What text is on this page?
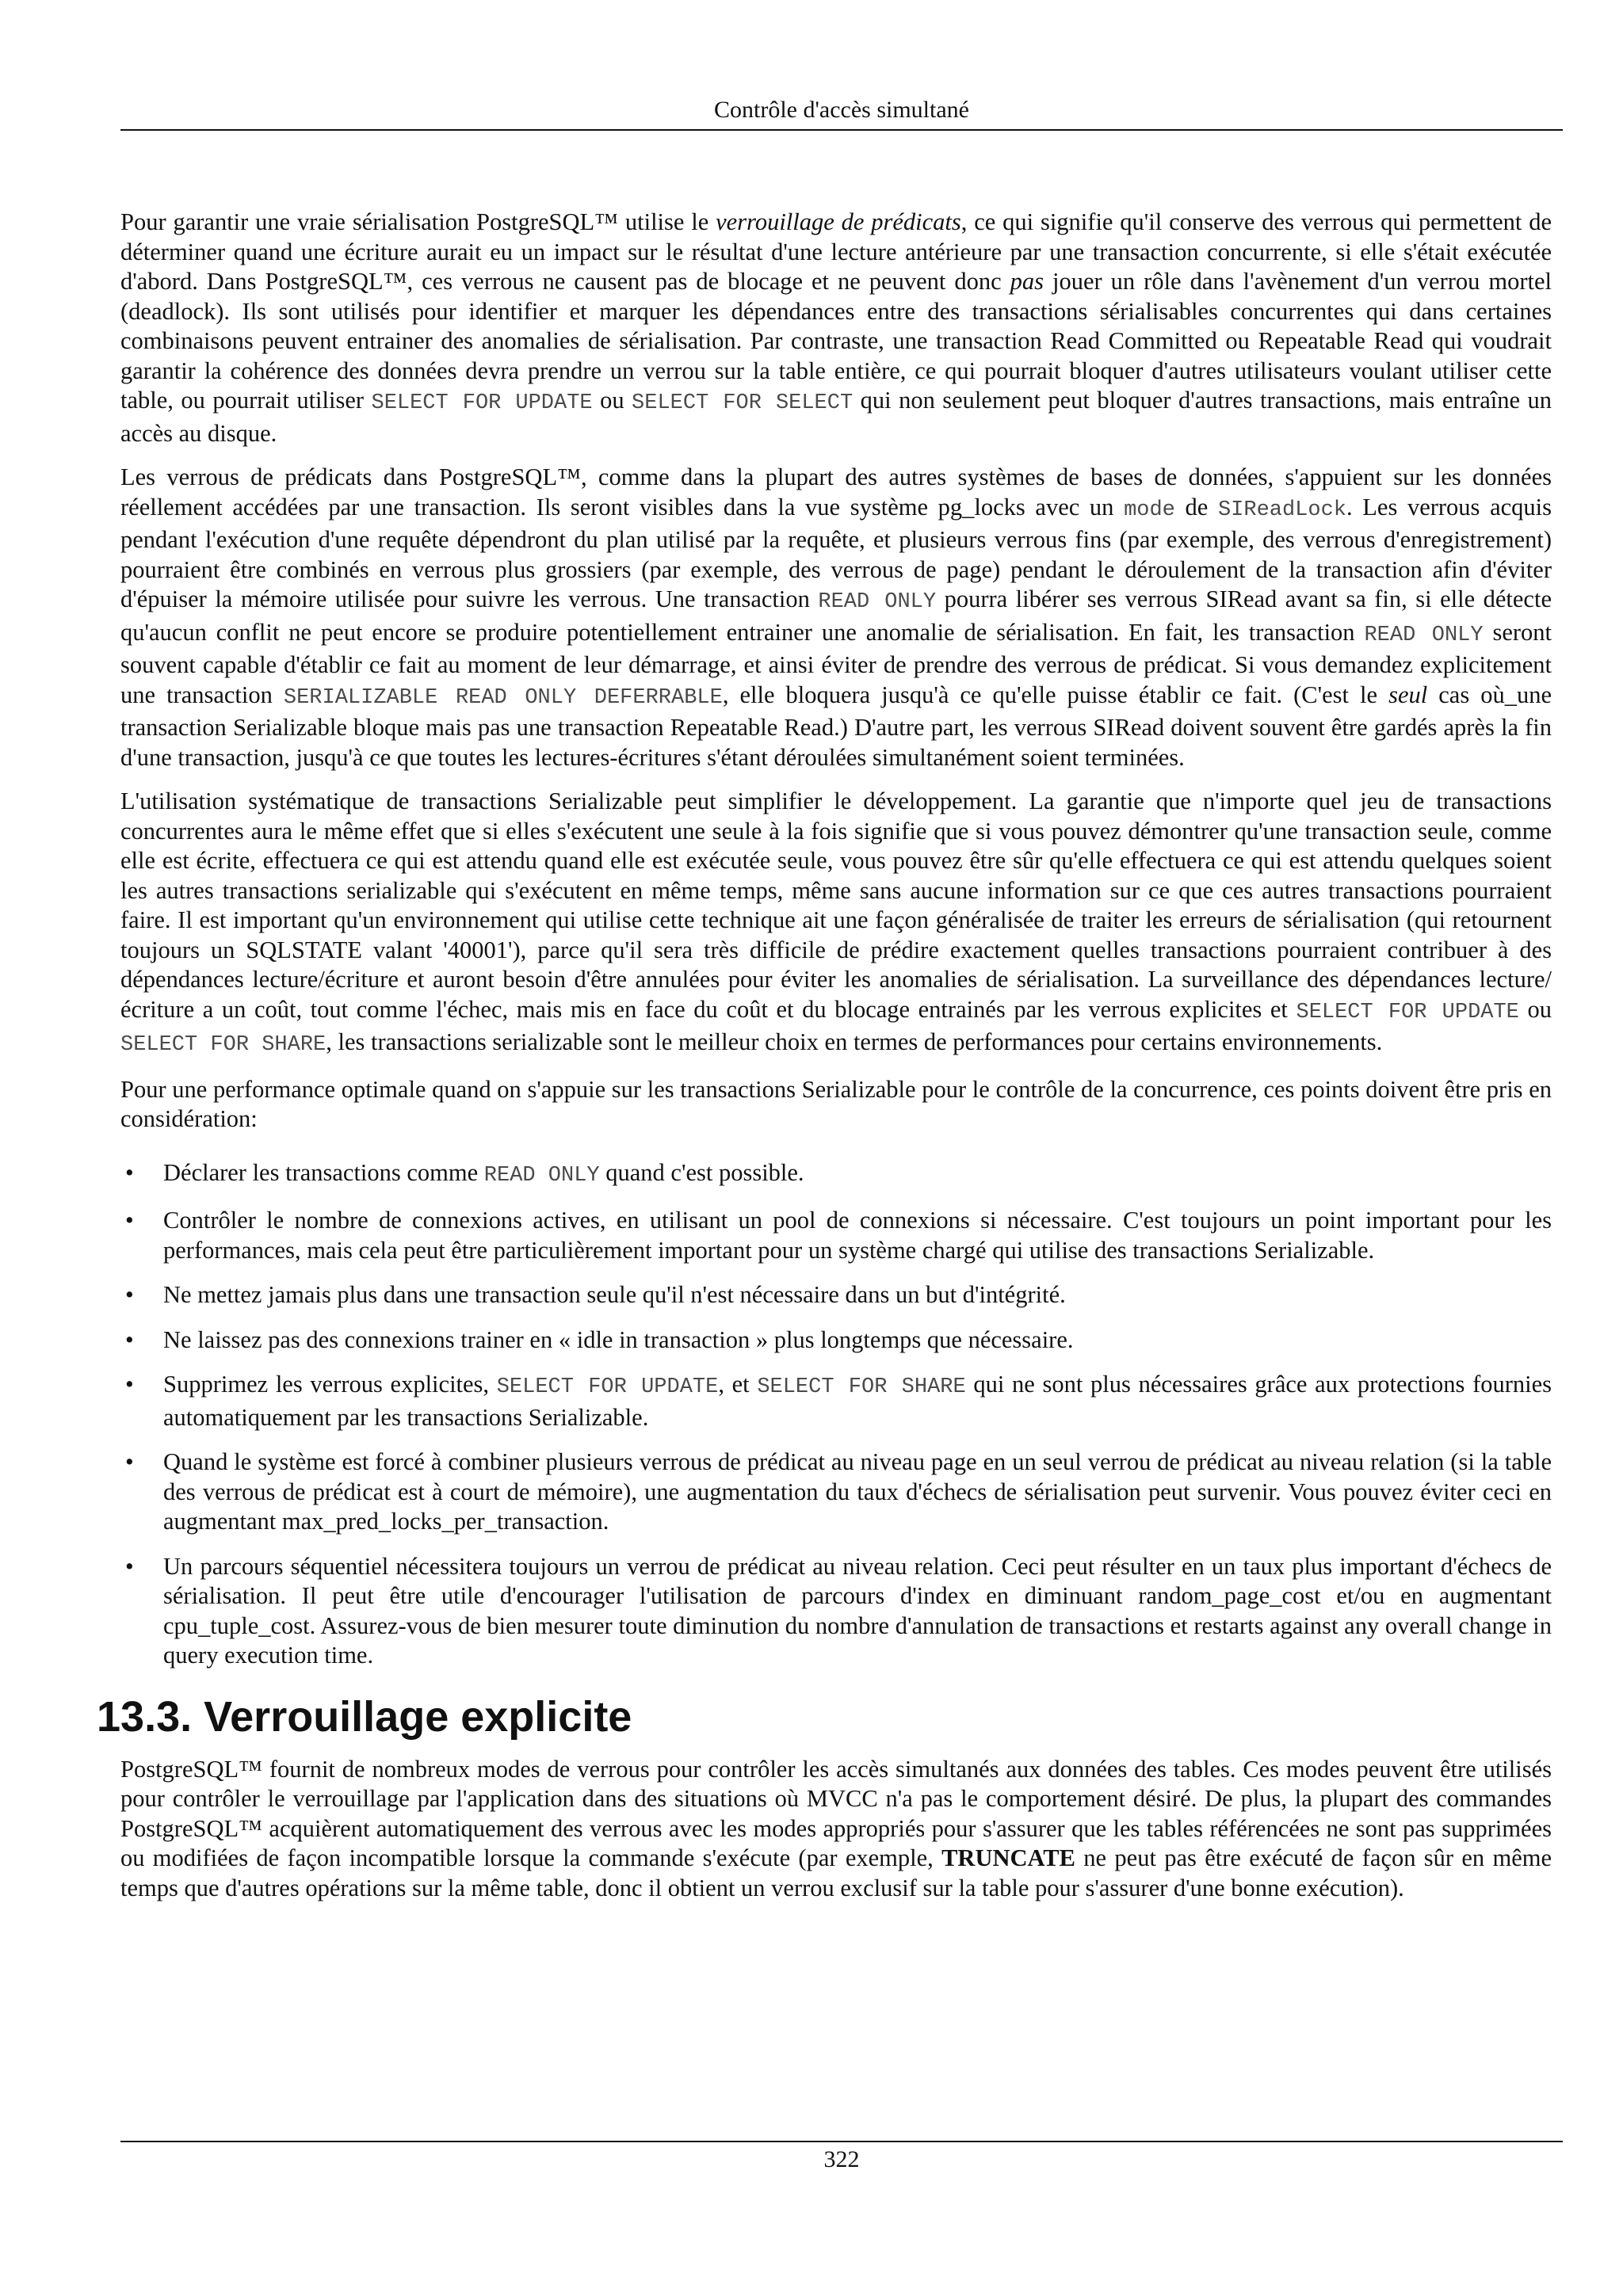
Contrôle d'accès simultané

Pour garantir une vraie sérialisation PostgreSQL™ utilise le verrouillage de prédicats, ce qui signifie qu'il conserve des verrous qui permettent de déterminer quand une écriture aurait eu un impact sur le résultat d'une lecture antérieure par une transaction concurrente, si elle s'était exécutée d'abord. Dans PostgreSQL™, ces verrous ne causent pas de blocage et ne peuvent donc pas jouer un rôle dans l'avènement d'un verrou mortel (deadlock). Ils sont utilisés pour identifier et marquer les dépendances entre des transactions sérialisables concurrentes qui dans certaines combinaisons peuvent entrainer des anomalies de sérialisation. Par contraste, une transaction Read Committed ou Repeatable Read qui voudrait garantir la cohérence des données devra prendre un verrou sur la table entière, ce qui pourrait bloquer d'autres utilisateurs voulant utiliser cette table, ou pourrait utiliser SELECT FOR UPDATE ou SELECT FOR SELECT qui non seulement peut bloquer d'autres transactions, mais entraîne un accès au disque.

Les verrous de prédicats dans PostgreSQL™, comme dans la plupart des autres systèmes de bases de données, s'appuient sur les données réellement accédées par une transaction. Ils seront visibles dans la vue système pg_locks avec un mode de SIReadLock. Les verrous acquis pendant l'exécution d'une requête dépendront du plan utilisé par la requête, et plusieurs verrous fins (par exemple, des verrous d'enregistrement) pourraient être combinés en verrous plus grossiers (par exemple, des verrous de page) pendant le déroulement de la transaction afin d'éviter d'épuiser la mémoire utilisée pour suivre les verrous. Une transaction READ ONLY pourra libérer ses verrous SIRead avant sa fin, si elle détecte qu'aucun conflit ne peut encore se produire potentiellement entrainer une anomalie de sérialisation. En fait, les transaction READ ONLY seront souvent capable d'établir ce fait au moment de leur démarrage, et ainsi éviter de prendre des verrous de prédicat. Si vous demandez explicitement une transaction SERIALIZABLE READ ONLY DEFERRABLE, elle bloquera jusqu'à ce qu'elle puisse établir ce fait. (C'est le seul cas où_une transaction Serializable bloque mais pas une transaction Repeatable Read.) D'autre part, les verrous SIRead doivent souvent être gardés après la fin d'une transaction, jusqu'à ce que toutes les lectures-écritures s'étant déroulées simultanément soient terminées.

L'utilisation systématique de transactions Serializable peut simplifier le développement. La garantie que n'importe quel jeu de transactions concurrentes aura le même effet que si elles s'exécutent une seule à la fois signifie que si vous pouvez démontrer qu'une transaction seule, comme elle est écrite, effectuera ce qui est attendu quand elle est exécutée seule, vous pouvez être sûr qu'elle effectuera ce qui est attendu quelques soient les autres transactions serializable qui s'exécutent en même temps, même sans aucune information sur ce que ces autres transactions pourraient faire. Il est important qu'un environnement qui utilise cette technique ait une façon généralisée de traiter les erreurs de sérialisation (qui retournent toujours un SQLSTATE valant '40001'), parce qu'il sera très difficile de prédire exactement quelles transactions pourraient contribuer à des dépendances lecture/écriture et auront besoin d'être annulées pour éviter les anomalies de sérialisation. La surveillance des dépendances lecture/écriture a un coût, tout comme l'échec, mais mis en face du coût et du blocage entrainés par les verrous explicites et SELECT FOR UPDATE ou SELECT FOR SHARE, les transactions serializable sont le meilleur choix en termes de performances pour certains environnements.

Pour une performance optimale quand on s'appuie sur les transactions Serializable pour le contrôle de la concurrence, ces points doivent être pris en considération:

• Déclarer les transactions comme READ ONLY quand c'est possible.
• Contrôler le nombre de connexions actives, en utilisant un pool de connexions si nécessaire. C'est toujours un point important pour les performances, mais cela peut être particulièrement important pour un système chargé qui utilise des transactions Serializable.
• Ne mettez jamais plus dans une transaction seule qu'il n'est nécessaire dans un but d'intégrité.
• Ne laissez pas des connexions trainer en « idle in transaction » plus longtemps que nécessaire.
• Supprimez les verrous explicites, SELECT FOR UPDATE, et SELECT FOR SHARE qui ne sont plus nécessaires grâce aux protections fournies automatiquement par les transactions Serializable.
• Quand le système est forcé à combiner plusieurs verrous de prédicat au niveau page en un seul verrou de prédicat au niveau relation (si la table des verrous de prédicat est à court de mémoire), une augmentation du taux d'échecs de sérialisation peut survenir. Vous pouvez éviter ceci en augmentant max_pred_locks_per_transaction.
• Un parcours séquentiel nécessitera toujours un verrou de prédicat au niveau relation. Ceci peut résulter en un taux plus important d'échecs de sérialisation. Il peut être utile d'encourager l'utilisation de parcours d'index en diminuant random_page_cost et/ou en augmentant cpu_tuple_cost. Assurez-vous de bien mesurer toute diminution du nombre d'annulation de transactions et restarts against any overall change in query execution time.
13.3. Verrouillage explicite

PostgreSQL™ fournit de nombreux modes de verrous pour contrôler les accès simultanés aux données des tables. Ces modes peuvent être utilisés pour contrôler le verrouillage par l'application dans des situations où MVCC n'a pas le comportement désiré. De plus, la plupart des commandes PostgreSQL™ acquièrent automatiquement des verrous avec les modes appropriés pour s'assurer que les tables référencées ne sont pas supprimées ou modifiées de façon incompatible lorsque la commande s'exécute (par exemple, TRUNCATE ne peut pas être exécuté de façon sûr en même temps que d'autres opérations sur la même table, donc il obtient un verrou exclusif sur la table pour s'assurer d'une bonne exécution).

322
